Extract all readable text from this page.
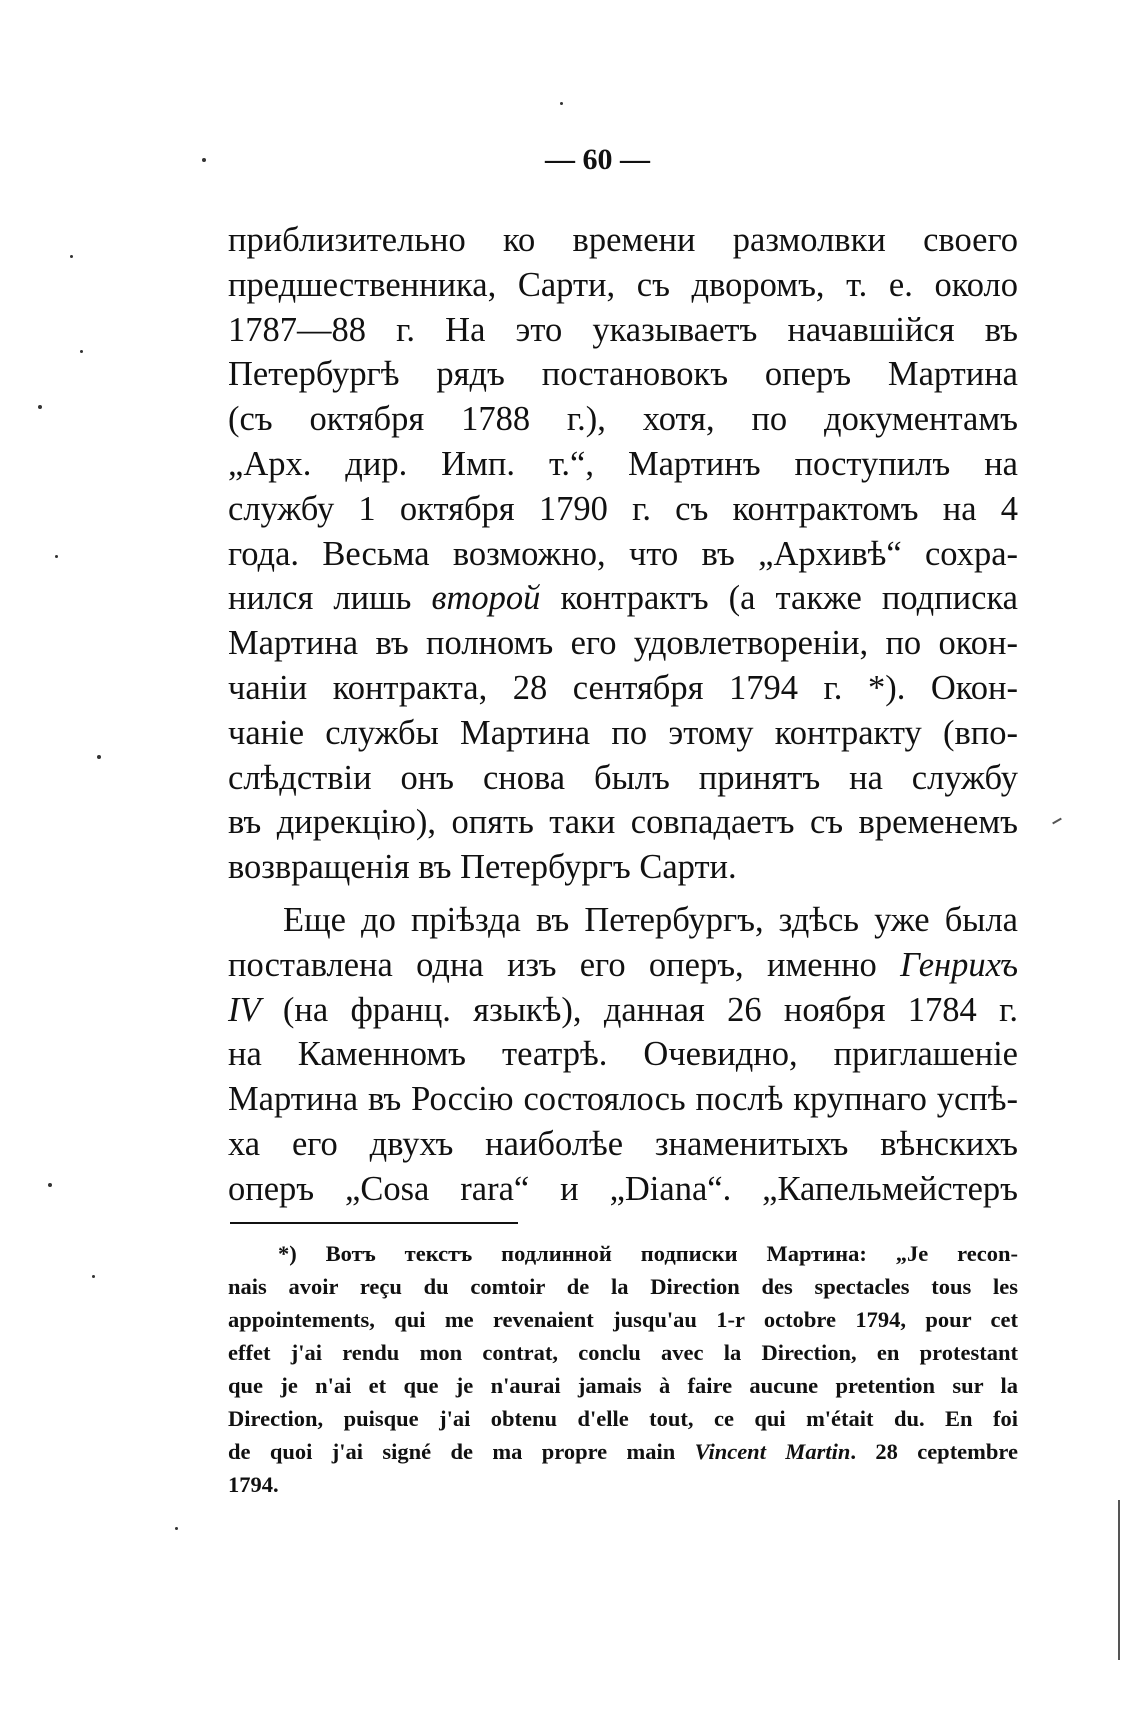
— 60 —
приблизительно ко времени размолвки своего
предшественника, Сарти, съ дворомъ, т. е. около
1787—88 г. На это указываетъ начавшійся въ
Петербургѣ рядъ постановокъ оперъ Мартина
(съ октября 1788 г.), хотя, по документамъ
„Арх. дир. Имп. т.“, Мартинъ поступилъ на
службу 1 октября 1790 г. съ контрактомъ на 4
года. Весьма возможно, что въ „Архивѣ“ сохра-
нился лишь второй контрактъ (а также подписка
Мартина въ полномъ его удовлетвореніи, по окон-
чаніи контракта, 28 сентября 1794 г. *). Окон-
чаніе службы Мартина по этому контракту (впо-
слѣдствіи онъ снова былъ принятъ на службу
въ дирекцію), опять таки совпадаетъ съ временемъ
возвращенія въ Петербургъ Сарти.
Еще до пріѣзда въ Петербургъ, здѣсь уже была
поставлена одна изъ его оперъ, именно Генрихъ
IV (на франц. языкѣ), данная 26 ноября 1784 г.
на Каменномъ театрѣ. Очевидно, приглашеніе
Мартина въ Россію состоялось послѣ крупнаго успѣ-
ха его двухъ наиболѣе знаменитыхъ вѣнскихъ
оперъ „Cosa rara“ и „Diana“. „Капельмейстеръ
*) Вотъ текстъ подлинной подписки Мартина: „Je recon-
nais avoir reçu du comtoir de la Direction des spectacles tous les
appointements, qui me revenaient jusqu'au 1-r octobre 1794, pour cet
effet j'ai rendu mon contrat, conclu avec la Direction, en protestant
que je n'ai et que je n'aurai jamais à faire aucune pretention sur la
Direction, puisque j'ai obtenu d'elle tout, ce qui m'était du. En foi
de quoi j'ai signé de ma propre main Vincent Martin. 28 ceptembre
1794.
